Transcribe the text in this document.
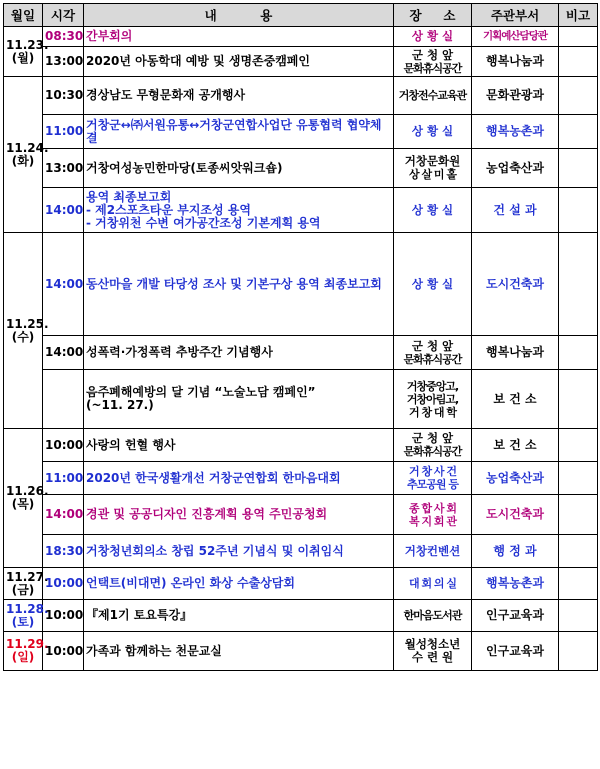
월일	시각	내          용	장     소	주관부서	비고

11.23.
(월)	08:30	간부회의	상 황 실	기획예산담당관	
	13:00	2020년 아동학대 예방 및 생명존중캠페인	군 청 앞
문화휴식공간	행복나눔과	

11.24.
(화)	10:30	경상남도 무형문화재 공개행사	거창전수교육관	문화관광과	
	11:00	거창군↔㈜서원유통↔거창군연합사업단 유통협력 협약체결	상 황 실	행복농촌과	
	13:00	거창여성농민한마당(토종씨앗워크숍)	거창문화원
상 살 미 홀	농업축산과	
	14:00	용역 최종보고회
- 제2스포츠타운 부지조성 용역
- 거창위천 수변 여가공간조성 기본계획 용역	상 황 실	건 설 과	

11.25.
(수)	14:00	동산마을 개발 타당성 조사 및 기본구상 용역 최종보고회	상 황 실	도시건축과	
	14:00	성폭력·가정폭력 추방주간 기념행사	군 청 앞
문화휴식공간	행복나눔과	

		음주폐해예방의 달 기념 “노술노담 캠페인”
(~11. 27.)	거창중앙고,
거창아림고,
거 창 대 학	보 건 소	

11.26.
(목)	10:00	사랑의 헌혈 행사	군 청 앞
문화휴식공간	보 건 소	
	11:00	2020년 한국생활개선 거창군연합회 한마음대회	거 창 사 건
추모공원 등	농업축산과	
	14:00	경관 및 공공디자인 진흥계획 용역 주민공청회	종 합 사 회
복 지 회 관	도시건축과	
	18:30	거창청년회의소 창립 52주년 기념식 및 이취임식	거창컨벤션	행 정 과	

11.27.
(금)	10:00	언택트(비대면) 온라인 화상 수출상담회	대 회 의 실	행복농촌과	

11.28.
(토)	10:00	『제1기 토요특강』	한마음도서관	인구교육과	

11.29.
(일)	10:00	가족과 함께하는 천문교실	월성청소년
수 련 원	인구교육과	
